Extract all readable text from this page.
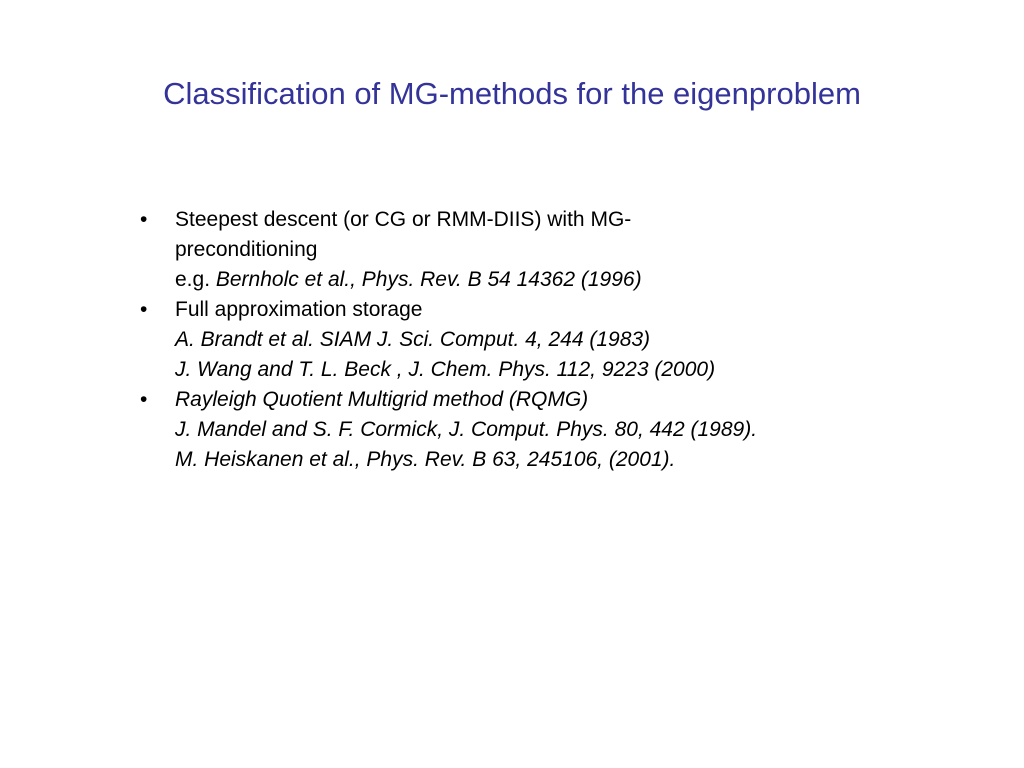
Classification of MG-methods for the eigenproblem
• Steepest descent (or CG or RMM-DIIS) with MG-
preconditioning
e.g. Bernholc et al., Phys. Rev. B 54 14362 (1996)
• Full approximation storage
A. Brandt et al. SIAM J. Sci. Comput. 4, 244 (1983)
J. Wang and T. L. Beck , J. Chem. Phys. 112, 9223 (2000)
• Rayleigh Quotient Multigrid method (RQMG)
J. Mandel and S. F. Cormick, J. Comput. Phys. 80, 442 (1989).
M. Heiskanen et al., Phys. Rev. B 63, 245106, (2001).
